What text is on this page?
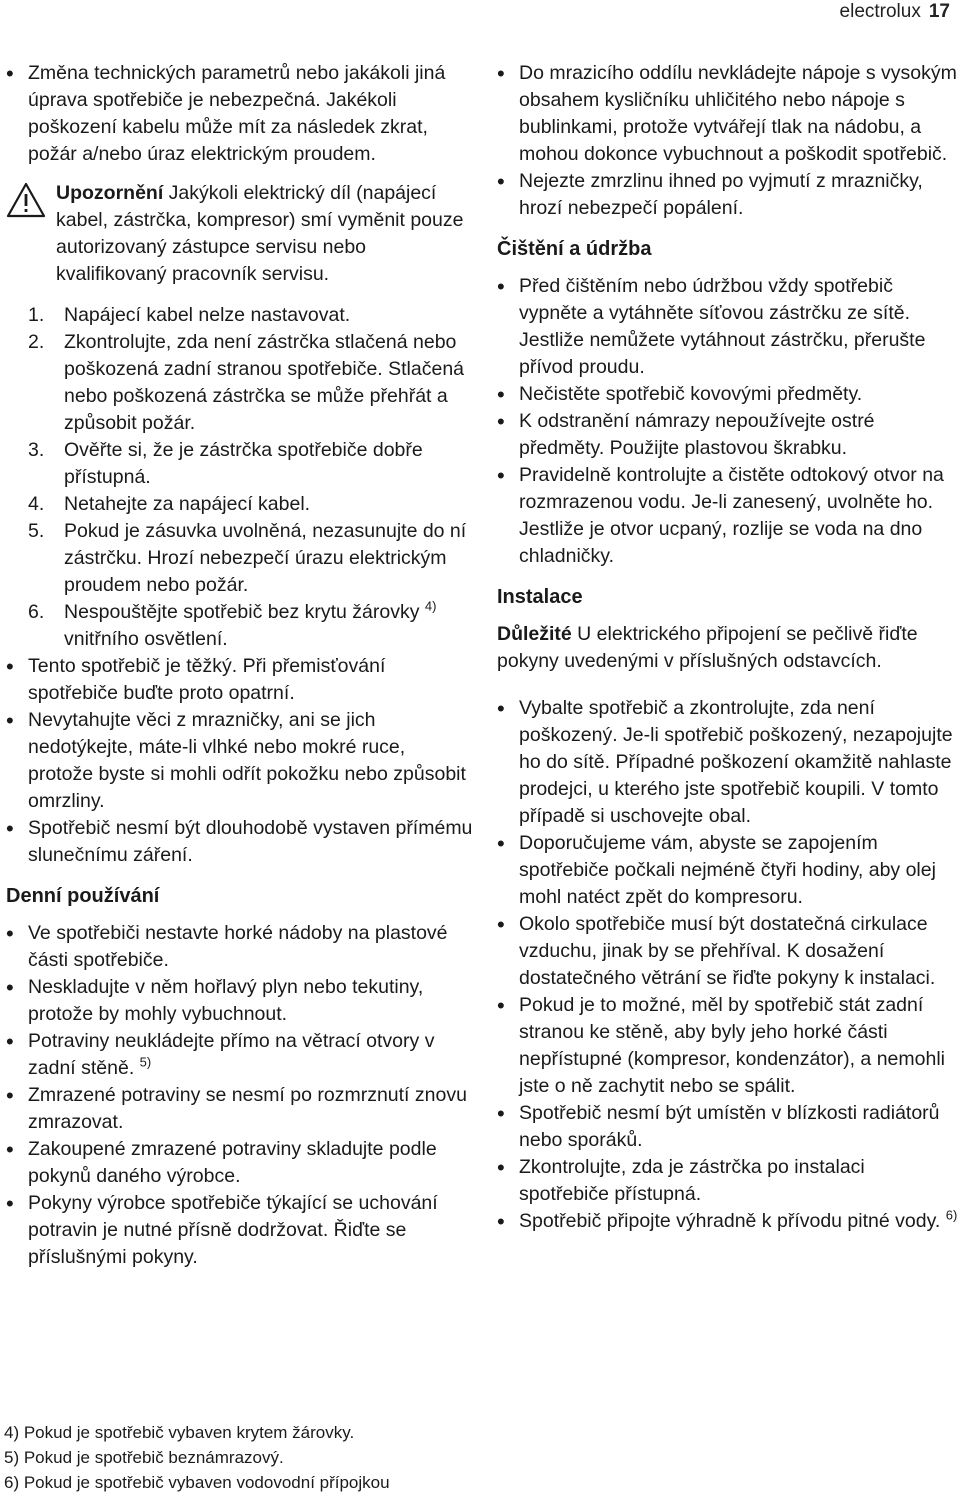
electrolux 17
• Změna technických parametrů nebo jakákoli jiná úprava spotřebiče je nebezpečná. Jakékoli poškození kabelu může mít za následek zkrat, požár a/nebo úraz elektrickým proudem.
Upozornění Jakýkoli elektrický díl (napájecí kabel, zástrčka, kompresor) smí vyměnit pouze autorizovaný zástupce servisu nebo kvalifikovaný pracovník servisu.
1. Napájecí kabel nelze nastavovat.
2. Zkontrolujte, zda není zástrčka stlačená nebo poškozená zadní stranou spotřebiče. Stlačená nebo poškozená zástrčka se může přehřát a způsobit požár.
3. Ověřte si, že je zástrčka spotřebiče dobře přístupná.
4. Netahejte za napájecí kabel.
5. Pokud je zásuvka uvolněná, nezasunujte do ní zástrčku. Hrozí nebezpečí úrazu elektrickým proudem nebo požár.
6. Nespouštějte spotřebič bez krytu žárovky $^{4)}$ vnitřního osvětlení.
• Tento spotřebič je těžký. Při přemisťování spotřebiče buďte proto opatrní.
• Nevytahujte věci z mrazničky, ani se jich nedotýkejte, máte-li vlhké nebo mokré ruce, protože byste si mohli odřít pokožku nebo způsobit omrzliny.
• Spotřebič nesmí být dlouhodobě vystaven přímému slunečnímu záření.
Denní používání
• Ve spotřebiči nestavte horké nádoby na plastové části spotřebiče.
• Neskladujte v něm hořlavý plyn nebo tekutiny, protože by mohly vybuchnout.
• Potraviny neukládejte přímo na větrací otvory v zadní stěně. $^{5)}$
• Zmrazené potraviny se nesmí po rozmrznutí znovu zmrazovat.
• Zakoupené zmrazené potraviny skladujte podle pokynů daného výrobce.
• Pokyny výrobce spotřebiče týkající se uchování potravin je nutné přísně dodržovat. Řiďte se příslušnými pokyny.
• Do mrazicího oddílu nevkládejte nápoje s vysokým obsahem kysličníku uhličitého nebo nápoje s bublinkami, protože vytvářejí tlak na nádobu, a mohou dokonce vybuchnout a poškodit spotřebič.
• Nejezte zmrzlinu ihned po vyjmutí z mrazničky, hrozí nebezpečí popálení.
Čištění a údržba
• Před čištěním nebo údržbou vždy spotřebič vypněte a vytáhněte síťovou zástrčku ze sítě. Jestliže nemůžete vytáhnout zástrčku, přerušte přívod proudu.
• Nečistěte spotřebič kovovými předměty.
• K odstranění námrazy nepoužívejte ostré předměty. Použijte plastovou škrabku.
• Pravidelně kontrolujte a čistěte odtokový otvor na rozmrazenou vodu. Je-li zanesený, uvolněte ho. Jestliže je otvor ucpaný, rozlije se voda na dno chladničky.
Instalace
Důležité U elektrického připojení se pečlivě řiďte pokyny uvedenými v příslušných odstavcích.
• Vybalte spotřebič a zkontrolujte, zda není poškozený. Je-li spotřebič poškozený, nezapojujte ho do sítě. Případné poškození okamžitě nahlaste prodejci, u kterého jste spotřebič koupili. V tomto případě si uschovejte obal.
• Doporučujeme vám, abyste se zapojením spotřebiče počkali nejméně čtyři hodiny, aby olej mohl natéct zpět do kompresoru.
• Okolo spotřebiče musí být dostatečná cirkulace vzduchu, jinak by se přehříval. K dosažení dostatečného větrání se řiďte pokyny k instalaci.
• Pokud je to možné, měl by spotřebič stát zadní stranou ke stěně, aby byly jeho horké části nepřístupné (kompresor, kondenzátor), a nemohli jste o ně zachytit nebo se spálit.
• Spotřebič nesmí být umístěn v blízkosti radiátorů nebo sporáků.
• Zkontrolujte, zda je zástrčka po instalaci spotřebiče přístupná.
• Spotřebič připojte výhradně k přívodu pitné vody. $^{6)}$
4) Pokud je spotřebič vybaven krytem žárovky.
5) Pokud je spotřebič beznámrazový.
6) Pokud je spotřebič vybaven vodovodní přípojkou
